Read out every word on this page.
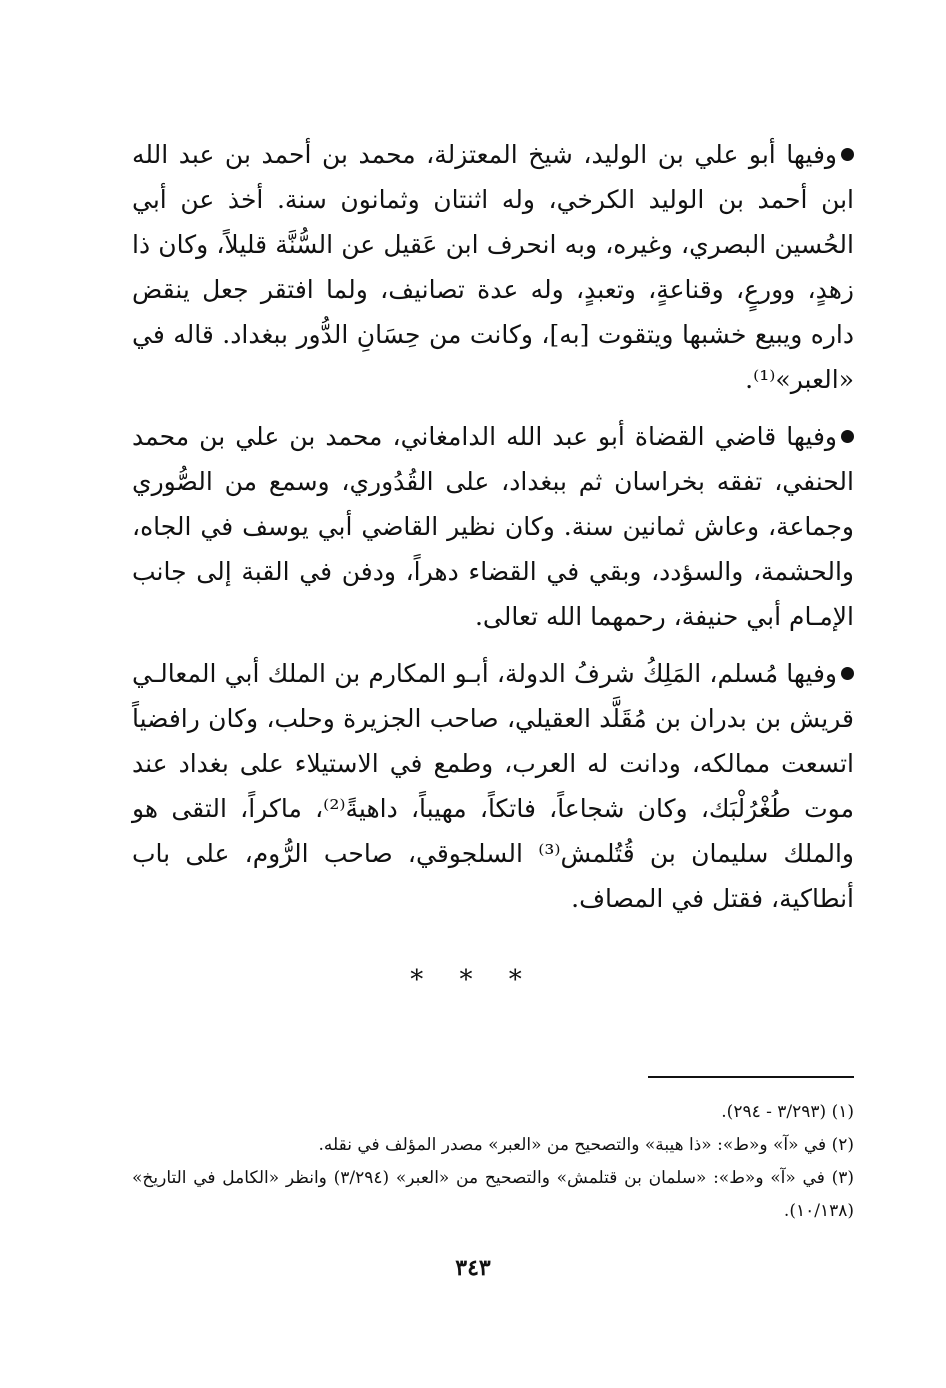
وفيها أبو علي بن الوليد، شيخ المعتزلة، محمد بن أحمد بن عبد الله ابن أحمد بن الوليد الكرخي، وله اثنتان وثمانون سنة. أخذ عن أبي الحُسين البصري، وغيره، وبه انحرف ابن عَقيل عن السُّنَّة قليلاً، وكان ذا زهدٍ، وورعٍ، وقناعةٍ، وتعبدٍ، وله عدة تصانيف، ولما افتقر جعل ينقض داره ويبيع خشبها ويتقوت [به]، وكانت من حِسَانِ الدُّور ببغداد. قاله في «العبر»⁽¹⁾.

وفيها قاضي القضاة أبو عبد الله الدامغاني، محمد بن علي بن محمد الحنفي، تفقه بخراسان ثم ببغداد، على القُدُوري، وسمع من الصُّوري وجماعة، وعاش ثمانين سنة. وكان نظير القاضي أبي يوسف في الجاه، والحشمة، والسؤدد، وبقي في القضاء دهراً، ودفن في القبة إلى جانب الإمـام أبي حنيفة، رحمهما الله تعالى.

وفيها مُسلم، المَلِكُ شرفُ الدولة، أبـو المكارم بن الملك أبي المعالـي قريش بن بدران بن مُقَلَّد العقيلي، صاحب الجزيرة وحلب، وكان رافضياً اتسعت ممالكه، ودانت له العرب، وطمع في الاستيلاء على بغداد عند موت طُغْرُلْبَك، وكان شجاعاً، فاتكاً، مهيباً، داهيةً⁽²⁾، ماكراً، التقى هو والملك سليمان بن قُتُلمش⁽³⁾ السلجوقي، صاحب الرُّوم، على باب أنطاكية، فقتل في المصاف.

* * *

(١) (٣/٢٩٣ - ٢٩٤).

(٢) في «آ» و«ط»: «ذا هيبة» والتصحيح من «العبر» مصدر المؤلف في نقله.

(٣) في «آ» و«ط»: «سلمان بن قتلمش» والتصحيح من «العبر» (٣/٢٩٤) وانظر «الكامل في التاريخ» (١٠/١٣٨).

٣٤٣
